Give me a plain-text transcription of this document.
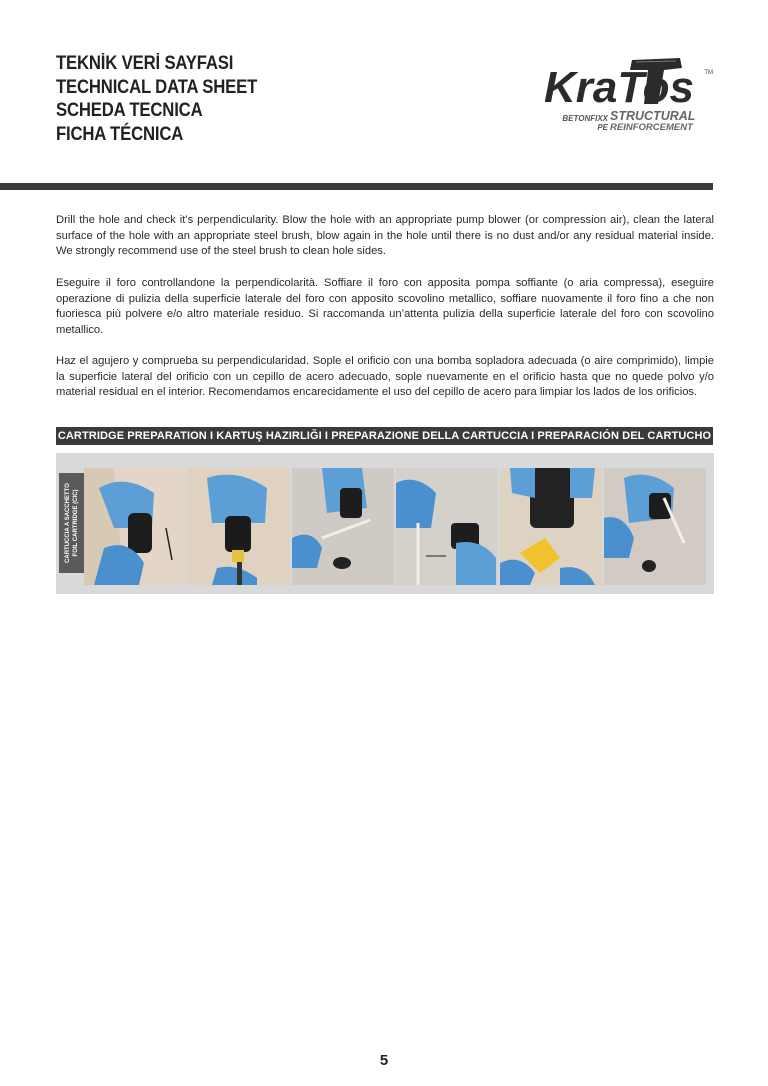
TEKNİK VERİ SAYFASI
TECHNICAL DATA SHEET
SCHEDA TECNICA
FICHA TÉCNICA
KraTos TM
BETONFIXX
PE
STRUCTURAL
REINFORCEMENT

Drill the hole and check it’s perpendicularity. Blow the hole with an appropriate pump blower (or compression air), clean the lateral surface of the hole with an appropriate steel brush, blow again in the hole until there is no dust and/or any residual material inside. We strongly recommend use of the steel brush to clean hole sides.

Eseguire il foro controllandone la perpendicolarità. Soffiare il foro con apposita pompa soffiante (o aria compressa), eseguire operazione di pulizia della superficie laterale del foro con apposito scovolino metallico, soffiare nuovamente il foro fino a che non fuoriesca più polvere e/o altro materiale residuo. Si raccomanda un’attenta pulizia della superficie laterale del foro con scovolino metallico.

Haz el agujero y comprueba su perpendicularidad. Sople el orificio con una bomba sopladora adecuada (o aire comprimido), limpie la superficie lateral del orificio con un cepillo de acero adecuado, sople nuevamente en el orificio hasta que no quede polvo y/o material residual en el interior. Recomendamos encarecidamente el uso del cepillo de acero para limpiar los lados de los orificios.

CARTRIDGE PREPARATION I KARTUŞ HAZIRLIĞI I PREPARAZIONE DELLA CARTUCCIA I PREPARACIÓN DEL CARTUCHO
CARTUCCIA A SACCHETTO FOIL CARTRIDGE (CIC)
5
